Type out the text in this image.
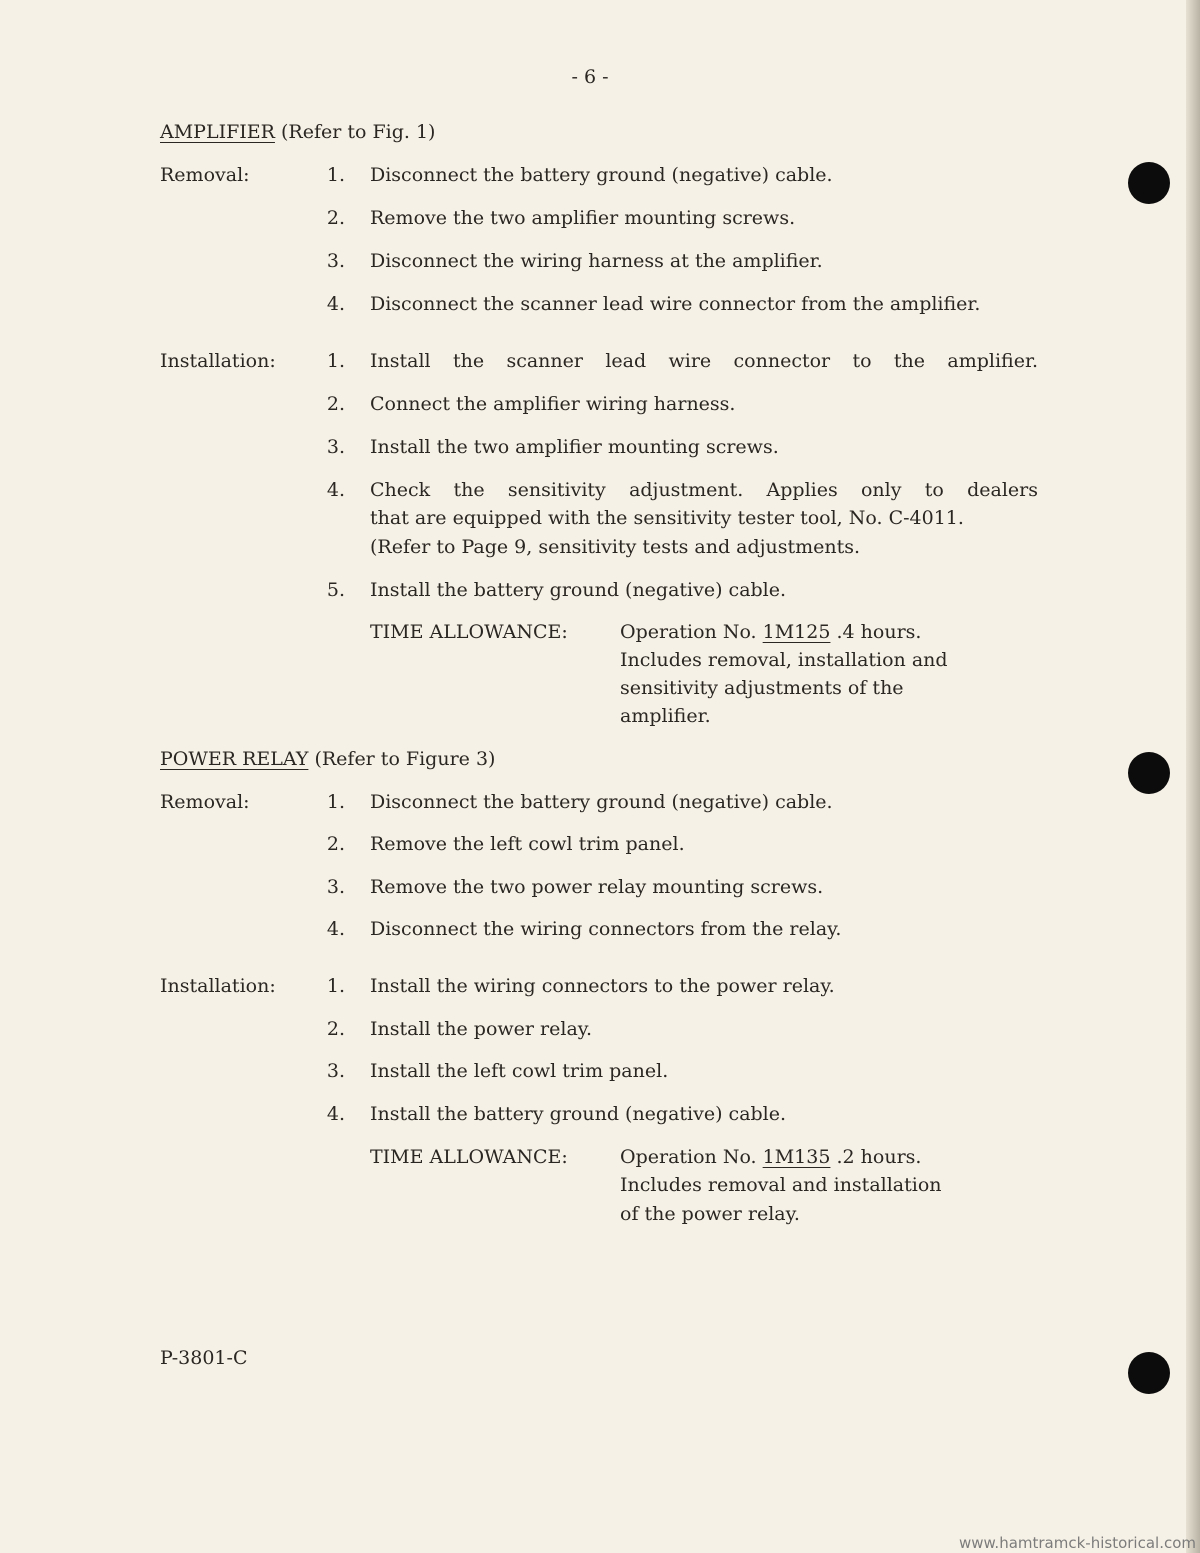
- 6 -
AMPLIFIER (Refer to Fig. 1)
Removal:	1. Disconnect the battery ground (negative) cable.
2. Remove the two amplifier mounting screws.
3. Disconnect the wiring harness at the amplifier.
4. Disconnect the scanner lead wire connector from the amplifier.
Installation:	1. Install the scanner lead wire connector to the amplifier.
2. Connect the amplifier wiring harness.
3. Install the two amplifier mounting screws.
4. Check the sensitivity adjustment. Applies only to dealers
that are equipped with the sensitivity tester tool, No. C-4011.
(Refer to Page 9, sensitivity tests and adjustments.
5. Install the battery ground (negative) cable.
TIME ALLOWANCE:	Operation No. 1M125 .4 hours.
Includes removal, installation and
sensitivity adjustments of the
amplifier.
POWER RELAY (Refer to Figure 3)
Removal:	1. Disconnect the battery ground (negative) cable.
2. Remove the left cowl trim panel.
3. Remove the two power relay mounting screws.
4. Disconnect the wiring connectors from the relay.
Installation:	1. Install the wiring connectors to the power relay.
2. Install the power relay.
3. Install the left cowl trim panel.
4. Install the battery ground (negative) cable.
TIME ALLOWANCE:	Operation No. 1M135 .2 hours.
Includes removal and installation
of the power relay.
P-3801-C
www.hamtramck-historical.com
